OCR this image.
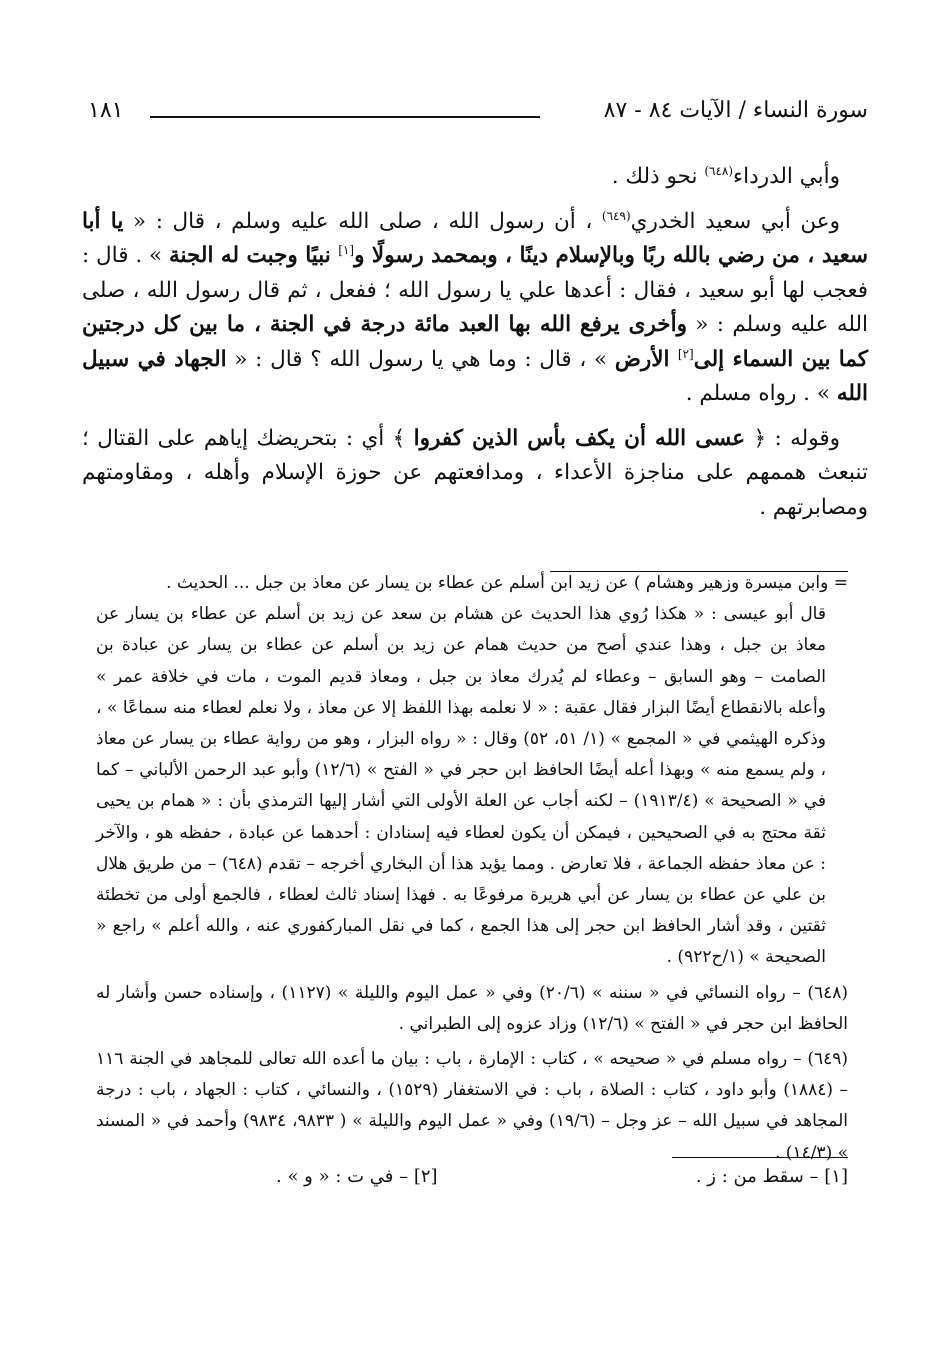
سورة النساء / الآيات ٨٤ - ٨٧
١٨١

وأبي الدرداء$^{(٦٤٨)}$ نحو ذلك .

وعن أبي سعيد الخدري$^{(٦٤٩)}$ ، أن رسول الله ، صلى الله عليه وسلم ، قال : « يا أبا سعيد ، من رضي بالله ربًا وبالإسلام دينًا ، وبمحمد رسولًا و[١] نبيًا وجبت له الجنة » . قال : فعجب لها أبو سعيد ، فقال : أعدها علي يا رسول الله ؛ ففعل ، ثم قال رسول الله ، صلى الله عليه وسلم : « وأخرى يرفع الله بها العبد مائة درجة في الجنة ، ما بين كل درجتين كما بين السماء إلى[٢] الأرض » ، قال : وما هي يا رسول الله ؟ قال : « الجهاد في سبيل الله » . رواه مسلم .

وقوله : ﴿ عسى الله أن يكف بأس الذين كفروا ﴾ أي : بتحريضك إياهم على القتال ؛ تنبعث هممهم على مناجزة الأعداء ، ومدافعتهم عن حوزة الإسلام وأهله ، ومقاومتهم ومصابرتهم .

= وابن ميسرة وزهير وهشام ) عن زيد ابن أسلم عن عطاء بن يسار عن معاذ بن جبل ... الحديث .

قال أبو عيسى : « هكذا رُوي هذا الحديث عن هشام بن سعد عن زيد بن أسلم عن عطاء بن يسار عن معاذ بن جبل ، وهذا عندي أصح من حديث همام عن زيد بن أسلم عن عطاء بن يسار عن عبادة بن الصامت – وهو السابق – وعطاء لم يُدرك معاذ بن جبل ، ومعاذ قديم الموت ، مات في خلافة عمر » وأعله بالانقطاع أيضًا البزار فقال عقبة : « لا نعلمه بهذا اللفظ إلا عن معاذ ، ولا نعلم لعطاء منه سماعًا » ، وذكره الهيثمي في « المجمع » (١/ ٥١، ٥٢) وقال : « رواه البزار ، وهو من رواية عطاء بن يسار عن معاذ ، ولم يسمع منه » وبهذا أعله أيضًا الحافظ ابن حجر في « الفتح » (١٢/٦) وأبو عبد الرحمن الألباني – كما في « الصحيحة » (١٩١٣/٤) – لكنه أجاب عن العلة الأولى التي أشار إليها الترمذي بأن : « همام بن يحيى ثقة محتج به في الصحيحين ، فيمكن أن يكون لعطاء فيه إسنادان : أحدهما عن عبادة ، حفظه هو ، والآخر : عن معاذ حفظه الجماعة ، فلا تعارض . ومما يؤيد هذا أن البخاري أخرجه – تقدم (٦٤٨) – من طريق هلال بن علي عن عطاء بن يسار عن أبي هريرة مرفوعًا به . فهذا إسناد ثالث لعطاء ، فالجمع أولى من تخطئة ثقتين ، وقد أشار الحافظ ابن حجر إلى هذا الجمع ، كما في نقل المباركفوري عنه ، والله أعلم » راجع « الصحيحة » (١/ح٩٢٢) .

(٦٤٨) – رواه النسائي في « سننه » (٢٠/٦) وفي « عمل اليوم والليلة » (١١٢٧) ، وإسناده حسن وأشار له الحافظ ابن حجر في « الفتح » (١٢/٦) وزاد عزوه إلى الطبراني .

(٦٤٩) – رواه مسلم في « صحيحه » ، كتاب : الإمارة ، باب : بيان ما أعده الله تعالى للمجاهد في الجنة ١١٦ – (١٨٨٤) وأبو داود ، كتاب : الصلاة ، باب : في الاستغفار (١٥٢٩) ، والنسائي ، كتاب : الجهاد ، باب : درجة المجاهد في سبيل الله – عز وجل – (١٩/٦) وفي « عمل اليوم والليلة » ( ٩٨٣٣، ٩٨٣٤) وأحمد في « المسند » (١٤/٣) .

[١] – سقط من : ز .
[٢] – في ت : « و » .
